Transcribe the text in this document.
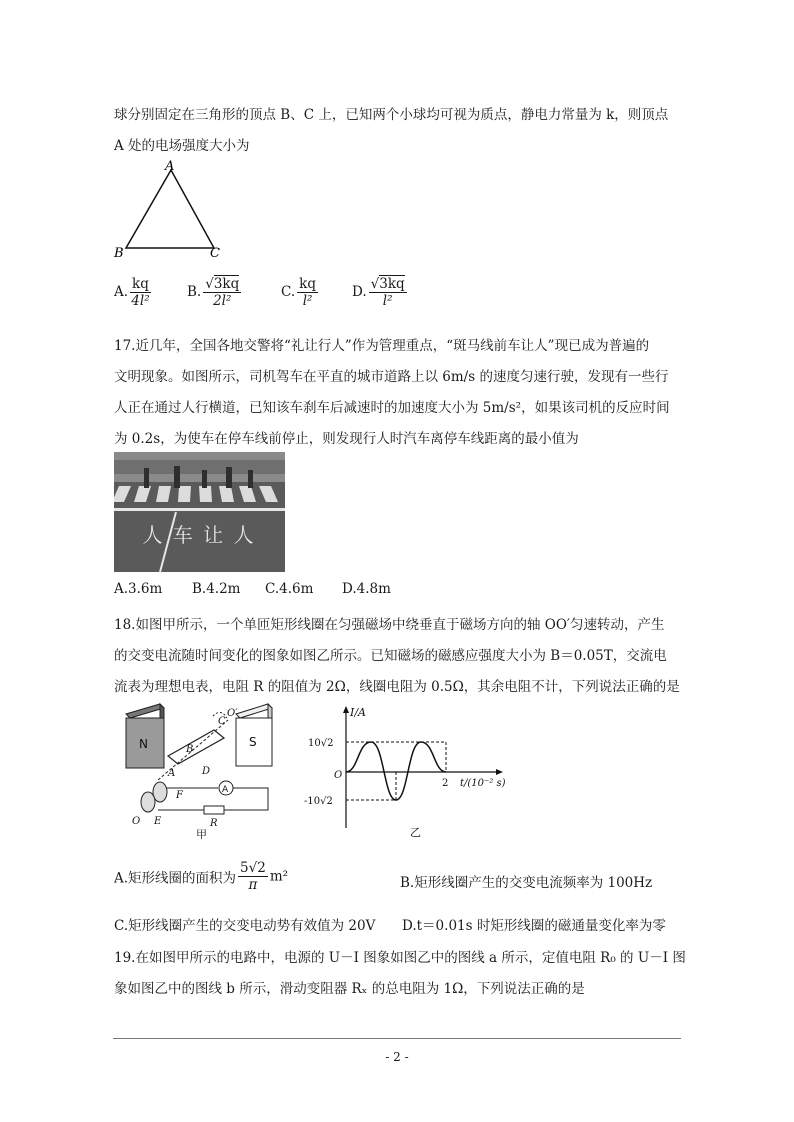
球分别固定在三角形的顶点 B、C 上，已知两个小球均可视为质点，静电力常量为 k，则顶点
A 处的电场强度大小为
A
B	C
A. $\frac{kq}{\text{4l²}}$	B. $\frac{√3kq}{\text{2l²}}$	C. $\frac{kq}{\text{l²}}$	D. $\frac{√3kq}{\text{l²}}$
17.近几年，全国各地交警将“礼让行人”作为管理重点，“斑马线前车让人”现已成为普遍的
文明现象。如图所示，司机驾车在平直的城市道路上以 6m/s 的速度匀速行驶，发现有一些行
人正在通过人行横道，已知该车刹车后减速时的加速度大小为 5m/s²，如果该司机的反应时间
为 0.2s，为使车在停车线前停止，则发现行人时汽车离停车线距离的最小值为
人 车 让 人
A.3.6m B.4.2m C.4.6m D.4.8m
18.如图甲所示，一个单匝矩形线圈在匀强磁场中绕垂直于磁场方向的轴 OO′匀速转动，产生
的交变电流随时间变化的图象如图乙所示。已知磁场的磁感应强度大小为 B＝0.05T，交流电
流表为理想电表，电阻 R 的阻值为 2Ω，线圈电阻为 0.5Ω，其余电阻不计，下列说法正确的是
N	S
B
C
O′
A	D
F
E
O
A
R
甲
I/A
10√2
-10√2
O
2 t/(10⁻² s)
乙
A.矩形线圈的面积为 $\frac{5√2}{\pi} m^2$	B.矩形线圈产生的交变电流频率为 100Hz
C.矩形线圈产生的交变电动势有效值为 20V D.t＝0.01s 时矩形线圈的磁通量变化率为零
19.在如图甲所示的电路中，电源的 U－I 图象如图乙中的图线 a 所示，定值电阻 R₀ 的 U－I 图
象如图乙中的图线 b 所示，滑动变阻器 Rₓ 的总电阻为 1Ω，下列说法正确的是
- 2 -
